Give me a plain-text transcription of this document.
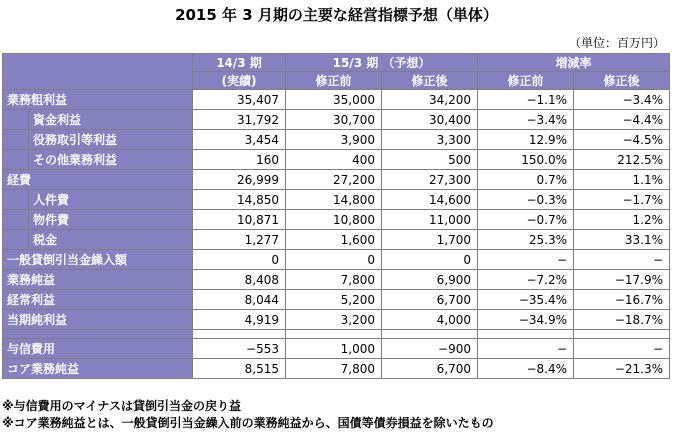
2015 年 3 月期の主要な経営指標予想（単体）
（単位：百万円）
		14/3 期	15/3 期 （予想）		増減率	
		(実績)	修正前	修正後	修正前	修正後
業務粗利益		35,407	35,000	34,200	−1.1%	−3.4%
	資金利益	31,792	30,700	30,400	−3.4%	−4.4%
	役務取引等利益	3,454	3,900	3,300	12.9%	−4.5%
	その他業務利益	160	400	500	150.0%	212.5%
経費		26,999	27,200	27,300	0.7%	1.1%
	人件費	14,850	14,800	14,600	−0.3%	−1.7%
	物件費	10,871	10,800	11,000	−0.7%	1.2%
	税金	1,277	1,600	1,700	25.3%	33.1%
一般貸倒引当金繰入額		0	0	0	−	−
業務純益		8,408	7,800	6,900	−7.2%	−17.9%
経常利益		8,044	5,200	6,700	−35.4%	−16.7%
当期純利益		4,919	3,200	4,000	−34.9%	−18.7%

与信費用		−553	1,000	−900	−	−
コア業務純益		8,515	7,800	6,700	−8.4%	−21.3%
※与信費用のマイナスは貸倒引当金の戻り益
※コア業務純益とは、一般貸倒引当金繰入前の業務純益から、国債等債券損益を除いたもの
